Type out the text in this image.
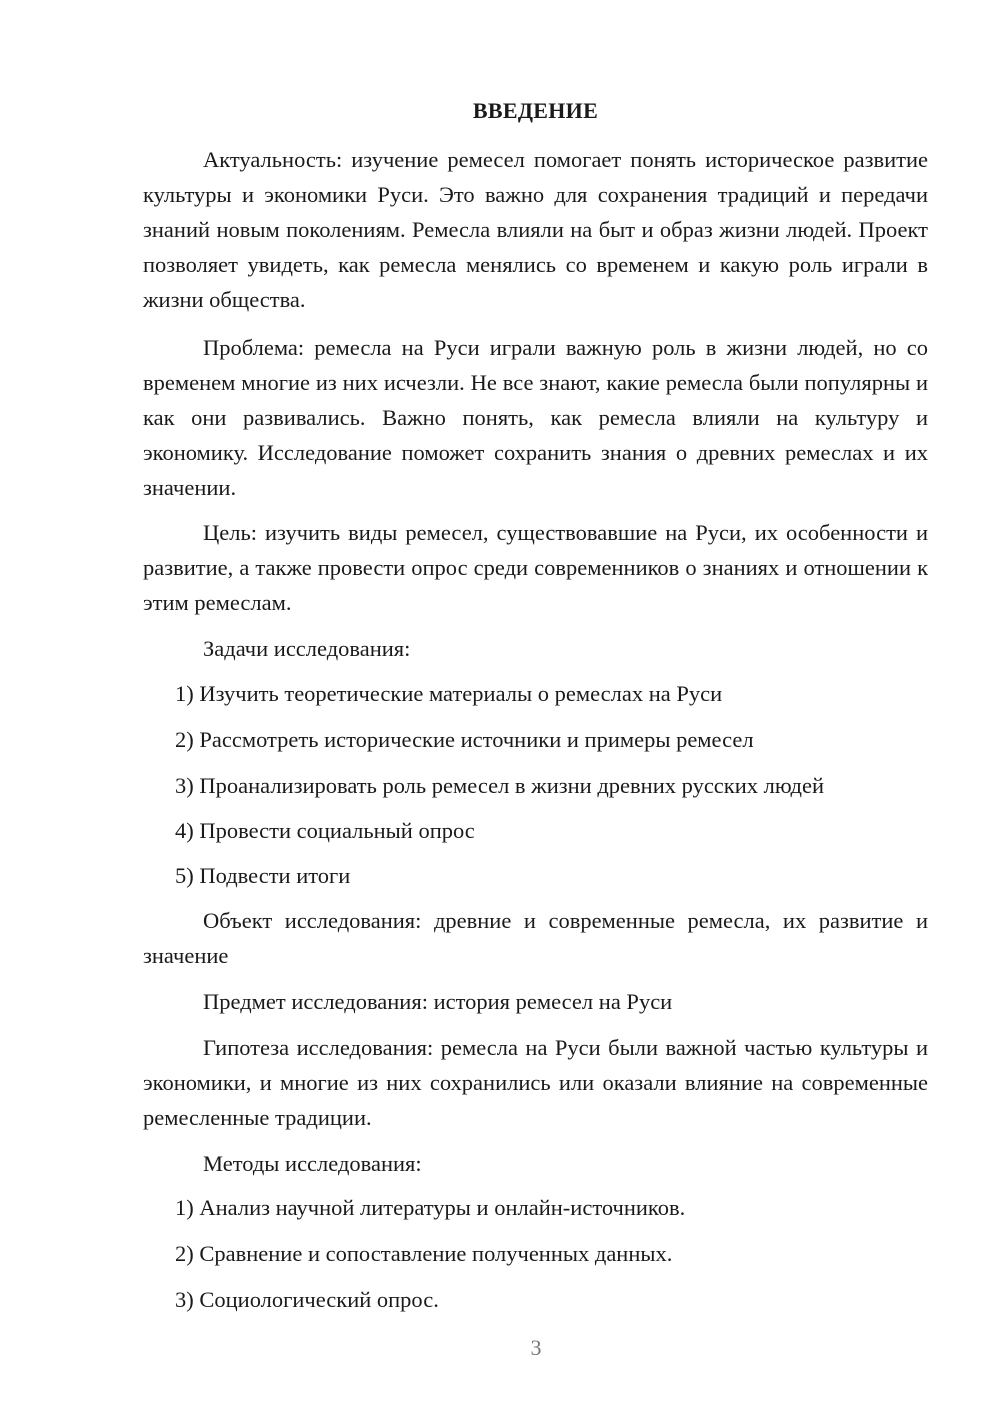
ВВЕДЕНИЕ

Актуальность: изучение ремесел помогает понять историческое развитие культуры и экономики Руси. Это важно для сохранения традиций и передачи знаний новым поколениям. Ремесла влияли на быт и образ жизни людей. Проект позволяет увидеть, как ремесла менялись со временем и какую роль играли в жизни общества.

Проблема: ремесла на Руси играли важную роль в жизни людей, но со временем многие из них исчезли. Не все знают, какие ремесла были популярны и как они развивались. Важно понять, как ремесла влияли на культуру и экономику. Исследование поможет сохранить знания о древних ремеслах и их значении.

Цель: изучить виды ремесел, существовавшие на Руси, их особенности и развитие, а также провести опрос среди современников о знаниях и отношении к этим ремеслам.

Задачи исследования:

1) Изучить теоретические материалы о ремеслах на Руси

2) Рассмотреть исторические источники и примеры ремесел

3) Проанализировать роль ремесел в жизни древних русских людей

4) Провести социальный опрос

5) Подвести итоги

Объект исследования: древние и современные ремесла, их развитие и значение

Предмет исследования: история ремесел на Руси

Гипотеза исследования: ремесла на Руси были важной частью культуры и экономики, и многие из них сохранились или оказали влияние на современные ремесленные традиции.

Методы исследования:

1) Анализ научной литературы и онлайн-источников.

2) Сравнение и сопоставление полученных данных.

3) Социологический опрос.

3
